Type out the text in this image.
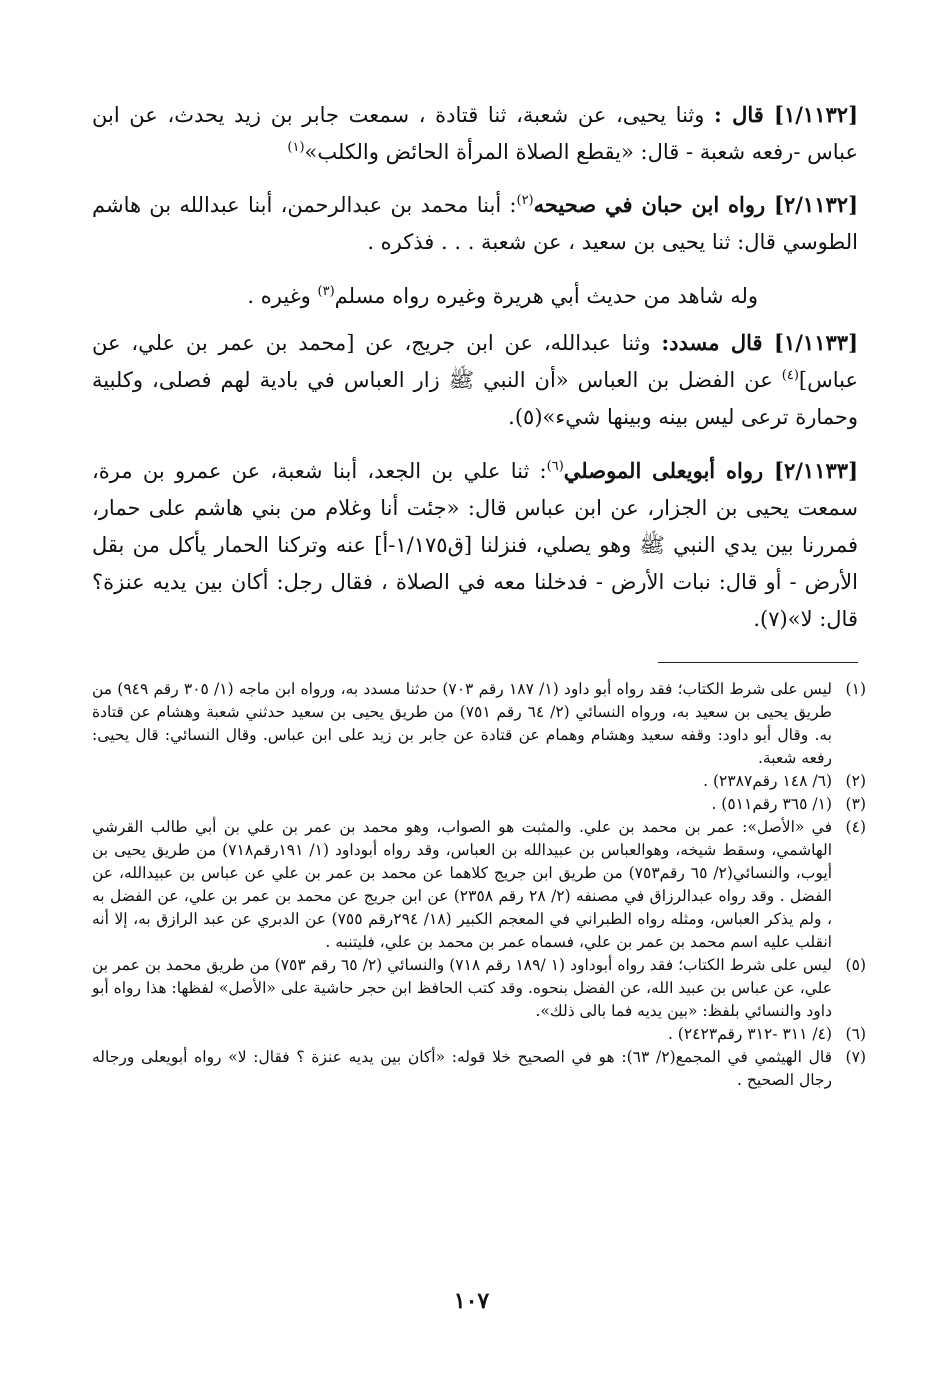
[١/١١٣٢] قال : وثنا يحيى، عن شعبة، ثنا قتادة ، سمعت جابر بن زيد يحدث، عن ابن عباس -رفعه شعبة - قال: «يقطع الصلاة المرأة الحائض والكلب»$^{(١)}$

[٢/١١٣٢] رواه ابن حبان في صحيحه$^{(٢)}$: أبنا محمد بن عبدالرحمن، أبنا عبدالله بن هاشم الطوسي قال: ثنا يحيى بن سعيد ، عن شعبة . . . فذكره .

وله شاهد من حديث أبي هريرة وغيره رواه مسلم$^{(٣)}$ وغيره .

[١/١١٣٣] قال مسدد: وثنا عبدالله، عن ابن جريج، عن [محمد بن عمر بن علي، عن عباس]$^{(٤)}$ عن الفضل بن العباس «أن النبي ﷺ زار العباس في بادية لهم فصلى، وكلبية وحمارة ترعى ليس بينه وبينها شيء»(٥).

[٢/١١٣٣] رواه أبويعلى الموصلي$^{(٦)}$: ثنا علي بن الجعد، أبنا شعبة، عن عمرو بن مرة، سمعت يحيى بن الجزار، عن ابن عباس قال: «جئت أنا وغلام من بني هاشم على حمار، فمررنا بين يدي النبي ﷺ وهو يصلي، فنزلنا [ق١/١٧٥-أ] عنه وتركنا الحمار يأكل من بقل الأرض - أو قال: نبات الأرض - فدخلنا معه في الصلاة ، فقال رجل: أكان بين يديه عنزة؟ قال: لا»(٧).

(١)
ليس على شرط الكتاب؛ فقد رواه أبو داود (١/ ١٨٧ رقم ٧٠٣) حدثنا مسدد به، ورواه ابن ماجه (١/ ٣٠٥ رقم ٩٤٩) من طريق يحيى بن سعيد به، ورواه النسائي (٢/ ٦٤ رقم ٧٥١) من طريق يحيى بن سعيد حدثني شعبة وهشام عن قتادة به. وقال أبو داود: وقفه سعيد وهشام وهمام عن قتادة عن جابر بن زيد على ابن عباس. وقال النسائي: قال يحيى: رفعه شعبة.
(٢)
(٦/ ١٤٨ رقم٢٣٨٧) .
(٣)
(١/ ٣٦٥ رقم٥١١) .
(٤)
في «الأصل»: عمر بن محمد بن علي. والمثبت هو الصواب، وهو محمد بن عمر بن علي بن أبي طالب القرشي الهاشمي، وسقط شيخه، وهوالعباس بن عبيدالله بن العباس، وقد رواه أبوداود (١/ ١٩١رقم٧١٨) من طريق يحيى بن أيوب، والنسائي(٢/ ٦٥ رقم٧٥٣) من طريق ابن جريج كلاهما عن محمد بن عمر بن علي عن عباس بن عبيدالله، عن الفضل . وقد رواه عبدالرزاق في مصنفه (٢/ ٢٨ رقم ٢٣٥٨) عن ابن جريج عن محمد بن عمر بن علي، عن الفضل به ، ولم يذكر العباس، ومثله رواه الطبراني في المعجم الكبير (١٨/ ٢٩٤رقم ٧٥٥) عن الدبري عن عبد الرازق به، إلا أنه انقلب عليه اسم محمد بن عمر بن علي، فسماه عمر بن محمد بن علي، فليتنبه .
(٥)
ليس على شرط الكتاب؛ فقد رواه أبوداود (١ /١٨٩ رقم ٧١٨) والنسائي (٢/ ٦٥ رقم ٧٥٣) من طريق محمد بن عمر بن علي، عن عباس بن عبيد الله، عن الفضل بنحوه. وقد كتب الحافظ ابن حجر حاشية على «الأصل» لفظها: هذا رواه أبو داود والنسائي بلفظ: «بين يديه فما بالى ذلك».
(٦)
(٤/ ٣١١ -٣١٢ رقم٢٤٢٣) .
(٧)
قال الهيثمي في المجمع(٢/ ٦٣): هو في الصحيح خلا قوله: «أكان بين يديه عنزة ؟ فقال: لا» رواه أبويعلى ورجاله رجال الصحيح .
١٠٧
